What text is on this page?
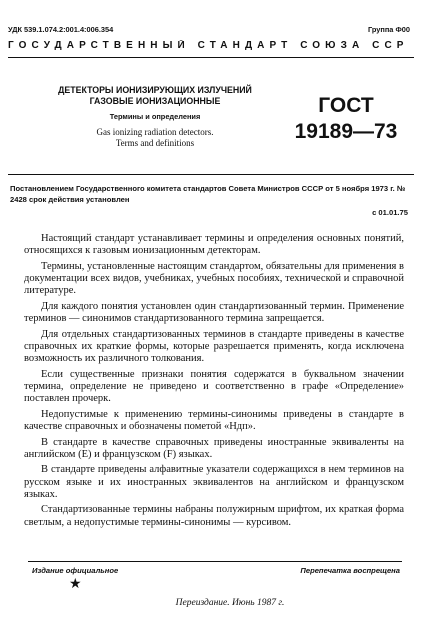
УДК 539.1.074.2:001.4:006.354	Группа Ф00
ГОСУДАРСТВЕННЫЙ СТАНДАРТ СОЮЗА ССР
ДЕТЕКТОРЫ ИОНИЗИРУЮЩИХ ИЗЛУЧЕНИЙ
ГАЗОВЫЕ ИОНИЗАЦИОННЫЕ
Термины и определения
Gas ionizing radiation detectors.
Terms and definitions
ГОСТ
19189—73
Постановлением Государственного комитета стандартов Совета Министров СССР от 5 ноября 1973 г. № 2428 срок действия установлен
с 01.01.75

Настоящий стандарт устанавливает термины и определения основных понятий, относящихся к газовым ионизационным детекторам.

Термины, установленные настоящим стандартом, обязательны для применения в документации всех видов, учебниках, учебных пособиях, технической и справочной литературе.

Для каждого понятия установлен один стандартизованный термин. Применение терминов — синонимов стандартизованного термина запрещается.

Для отдельных стандартизованных терминов в стандарте приведены в качестве справочных их краткие формы, которые разрешается применять, когда исключена возможность их различного толкования.

Если существенные признаки понятия содержатся в буквальном значении термина, определение не приведено и соответственно в графе «Определение» поставлен прочерк.

Недопустимые к применению термины-синонимы приведены в стандарте в качестве справочных и обозначены пометой «Ндп».

В стандарте в качестве справочных приведены иностранные эквиваленты на английском (Е) и французском (F) языках.

В стандарте приведены алфавитные указатели содержащихся в нем терминов на русском языке и их иностранных эквивалентов на английском и французском языках.

Стандартизованные термины набраны полужирным шрифтом, их краткая форма светлым, а недопустимые термины-синонимы — курсивом.

Издание официальное	Перепечатка воспрещена
★
Переиздание. Июнь 1987 г.
